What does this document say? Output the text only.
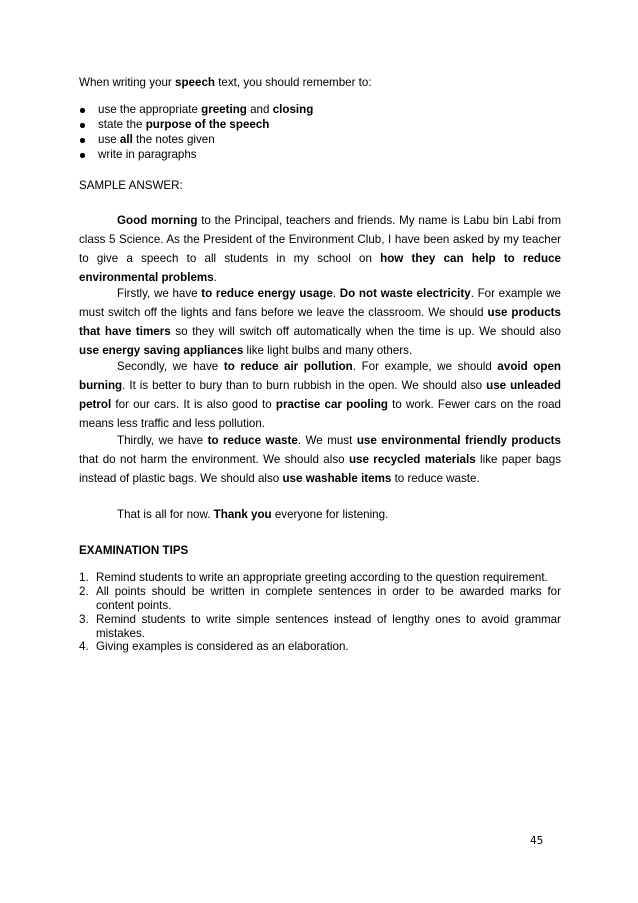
When writing your speech text, you should remember to:

use the appropriate greeting and closing
state the purpose of the speech
use all the notes given
write in paragraphs

SAMPLE ANSWER:

Good morning to the Principal, teachers and friends. My name is Labu bin Labi from class 5 Science. As the President of the Environment Club, I have been asked by my teacher to give a speech to all students in my school on how they can help to reduce environmental problems.

Firstly, we have to reduce energy usage. Do not waste electricity. For example we must switch off the lights and fans before we leave the classroom. We should use products that have timers so they will switch off automatically when the time is up. We should also use energy saving appliances like light bulbs and many others.

Secondly, we have to reduce air pollution. For example, we should avoid open burning. It is better to bury than to burn rubbish in the open. We should also use unleaded petrol for our cars. It is also good to practise car pooling to work. Fewer cars on the road means less traffic and less pollution.

Thirdly, we have to reduce waste. We must use environmental friendly products that do not harm the environment. We should also use recycled materials like paper bags instead of plastic bags. We should also use washable items to reduce waste.

That is all for now. Thank you everyone for listening.

EXAMINATION TIPS

1. Remind students to write an appropriate greeting according to the question requirement.
2. All points should be written in complete sentences in order to be awarded marks for content points.
3. Remind students to write simple sentences instead of lengthy ones to avoid grammar mistakes.
4. Giving examples is considered as an elaboration.
45
